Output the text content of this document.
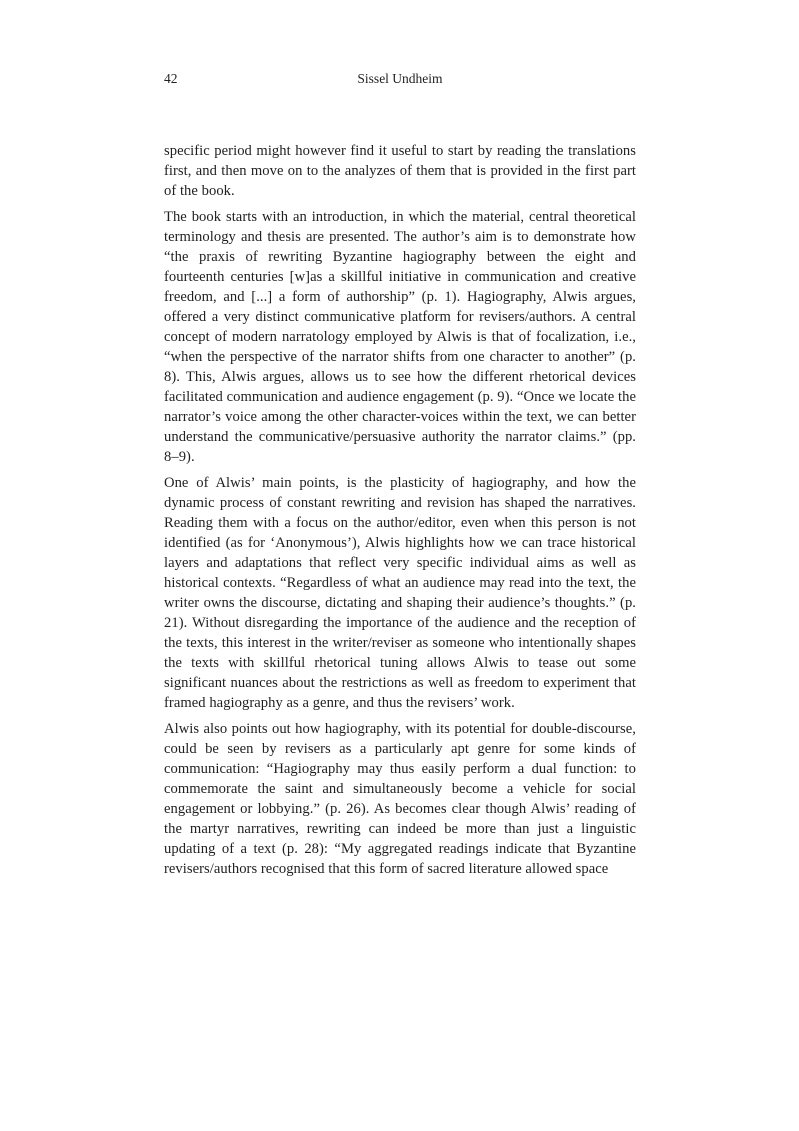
42	Sissel Undheim

specific period might however find it useful to start by reading the translations first, and then move on to the analyzes of them that is provided in the first part of the book.

The book starts with an introduction, in which the material, central theoretical terminology and thesis are presented. The author’s aim is to demonstrate how “the praxis of rewriting Byzantine hagiography between the eight and fourteenth centuries [w]as a skillful initiative in communication and creative freedom, and [...] a form of authorship” (p. 1). Hagiography, Alwis argues, offered a very distinct communicative platform for revisers/authors. A central concept of modern narratology employed by Alwis is that of focalization, i.e., “when the perspective of the narrator shifts from one character to another” (p. 8). This, Alwis argues, allows us to see how the different rhetorical devices facilitated communication and audience engagement (p. 9). “Once we locate the narrator’s voice among the other character-voices within the text, we can better understand the communicative/persuasive authority the narrator claims.” (pp. 8–9).

One of Alwis’ main points, is the plasticity of hagiography, and how the dynamic process of constant rewriting and revision has shaped the narratives. Reading them with a focus on the author/editor, even when this person is not identified (as for ‘Anonymous’), Alwis highlights how we can trace historical layers and adaptations that reflect very specific individual aims as well as historical contexts. “Regardless of what an audience may read into the text, the writer owns the discourse, dictating and shaping their audience’s thoughts.” (p. 21). Without disregarding the importance of the audience and the reception of the texts, this interest in the writer/reviser as someone who intentionally shapes the texts with skillful rhetorical tuning allows Alwis to tease out some significant nuances about the restrictions as well as freedom to experiment that framed hagiography as a genre, and thus the revisers’ work.

Alwis also points out how hagiography, with its potential for double-discourse, could be seen by revisers as a particularly apt genre for some kinds of communication: “Hagiography may thus easily perform a dual function: to commemorate the saint and simultaneously become a vehicle for social engagement or lobbying.” (p. 26). As becomes clear though Alwis’ reading of the martyr narratives, rewriting can indeed be more than just a linguistic updating of a text (p. 28): “My aggregated readings indicate that Byzantine revisers/authors recognised that this form of sacred literature allowed space
